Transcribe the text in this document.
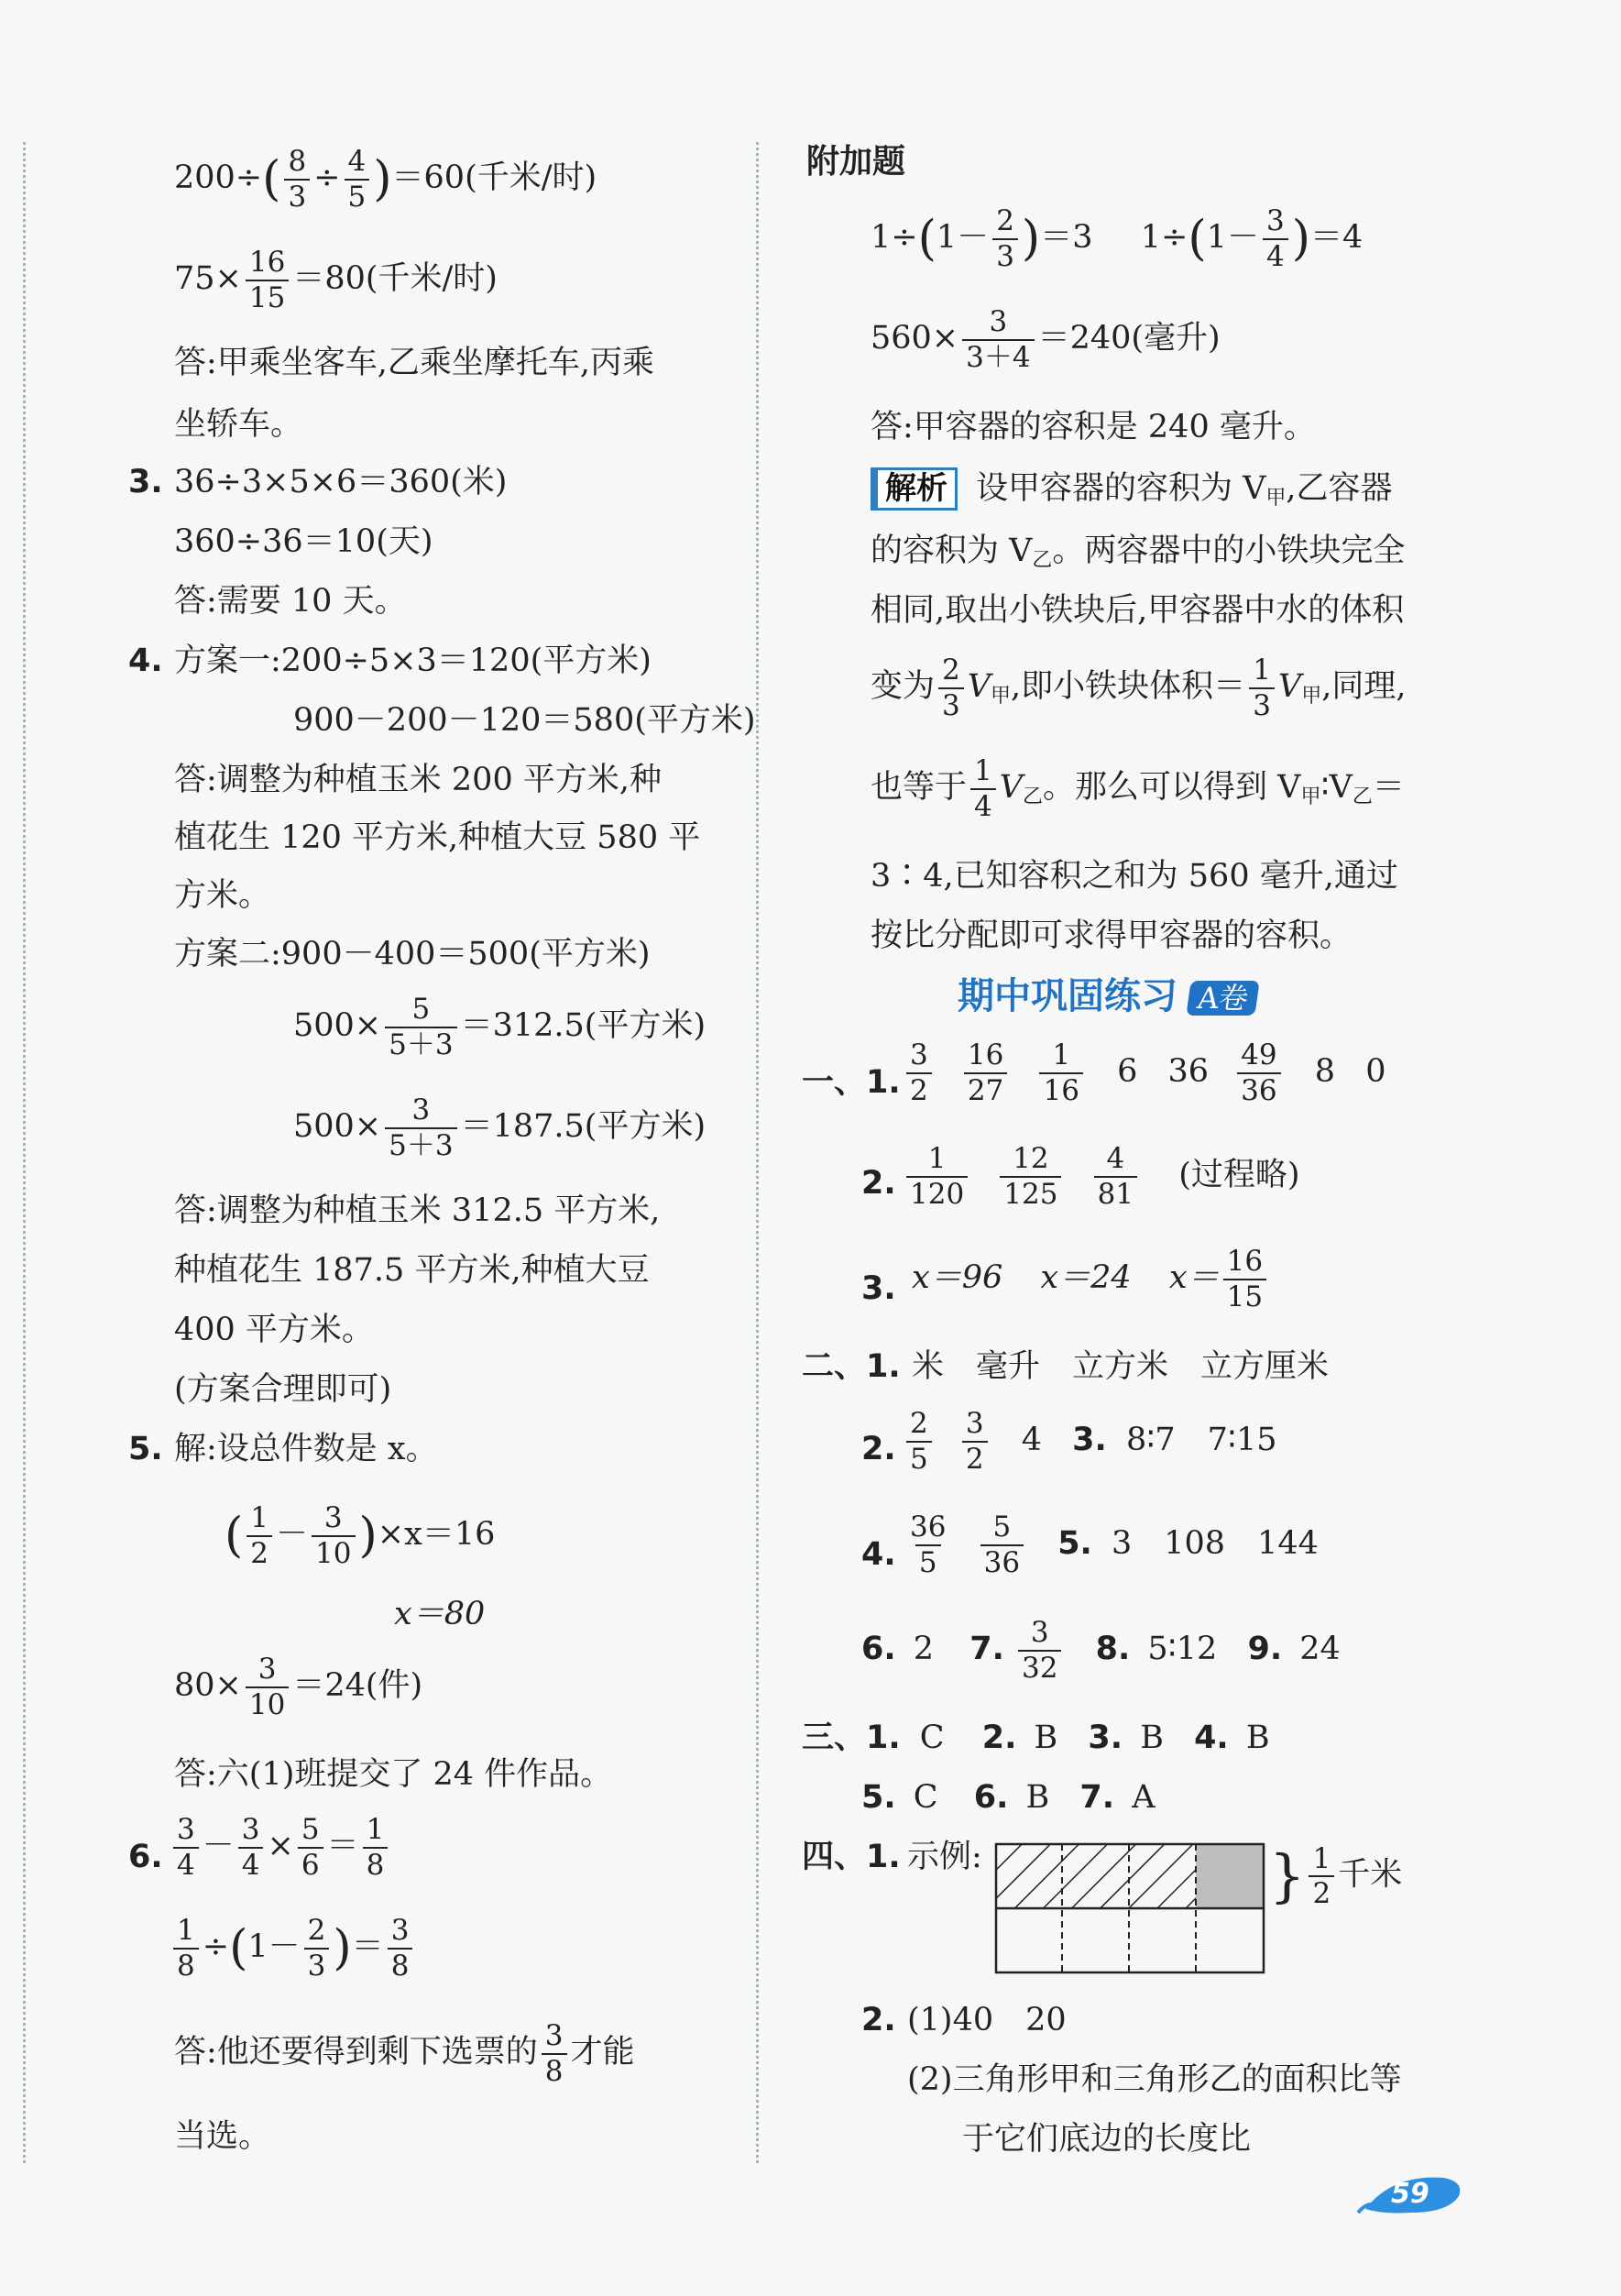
$200\div( \frac{8}{3} \div \frac{4}{5} )=60$(千米/时)
$75\times \frac{16}{15} =80$(千米/时)
答:甲乘坐客车,乙乘坐摩托车,丙乘
坐轿车。
3. 36÷3×5×6＝360(米)
360÷36＝10(天)
答:需要 10 天。
4. 方案一:200÷5×3＝120(平方米)
900－200－120＝580(平方米)
答:调整为种植玉米 200 平方米,种
植花生 120 平方米,种植大豆 580 平
方米。
方案二:900－400＝500(平方米)
$500\times \frac{5}{5+3} =312.5$(平方米)
$500\times \frac{3}{5+3} =187.5$(平方米)
答:调整为种植玉米 312.5 平方米,
种植花生 187.5 平方米,种植大豆
400 平方米。
(方案合理即可)
5. 解:设总件数是 x。
( $\frac{1}{2} - \frac{3}{10} )\times x=16$
x＝80
$80\times \frac{3}{10} =24$(件)
答:六(1)班提交了 24 件作品。
6. $\frac{3}{4} - \frac{3}{4} \times \frac{5}{6} = \frac{1}{8}$
$\frac{1}{8} \div(1- \frac{2}{3}$ )＝ $\frac{3}{8}$
答:他还要得到剩下选票的 $\frac{3}{8}$ 才能
当选。
附加题
$1\div(1- \frac{2}{3} )=3$ $1\div(1- \frac{3}{4} )=4$
$560\times \frac{3}{3+4} =240$(毫升)
答:甲容器的容积是 240 毫升。
解析 设甲容器的容积为 $V_甲$,乙容器
的容积为 $V_乙$。两容器中的小铁块完全
相同,取出小铁块后,甲容器中水的体积
变为 $\frac{2}{3} V_甲$,即小铁块体积＝ $\frac{1}{3} V_甲$,同理,
也等于 $\frac{1}{4} V_乙$。那么可以得到 $V_甲∶V_乙=$
3∶4,已知容积之和为 560 毫升,通过
按比分配即可求得甲容器的容积。
期中巩固练习 A卷
一、1. $\frac{3}{2}$
$\frac{16}{27}$
$\frac{1}{16} 6$ $36 \frac{49}{36} 8$ 0
2. $\frac{1}{120}$
$\frac{12}{125}$
$\frac{4}{81}$ (过程略)
3. x＝96 x＝24 $x= \frac{16}{15}$
二、1. 米　毫升　立方米　立方厘米
2. $\frac{2}{5}$
$\frac{3}{2} 4$ 3. 8∶7　7∶15
4. $\frac{36}{5}$
$\frac{5}{36} 5$. 3　108　144
6. 2 7. $\frac{3}{32} 8$. 5∶12 9. 24
三、1. C 2. B 3. B 4. B
5. C 6. B 7. A
四、1. 示例:	} $\frac{1}{2}$ 千米
2. (1)40　20
(2)三角形甲和三角形乙的面积比等
于它们底边的长度比
59
